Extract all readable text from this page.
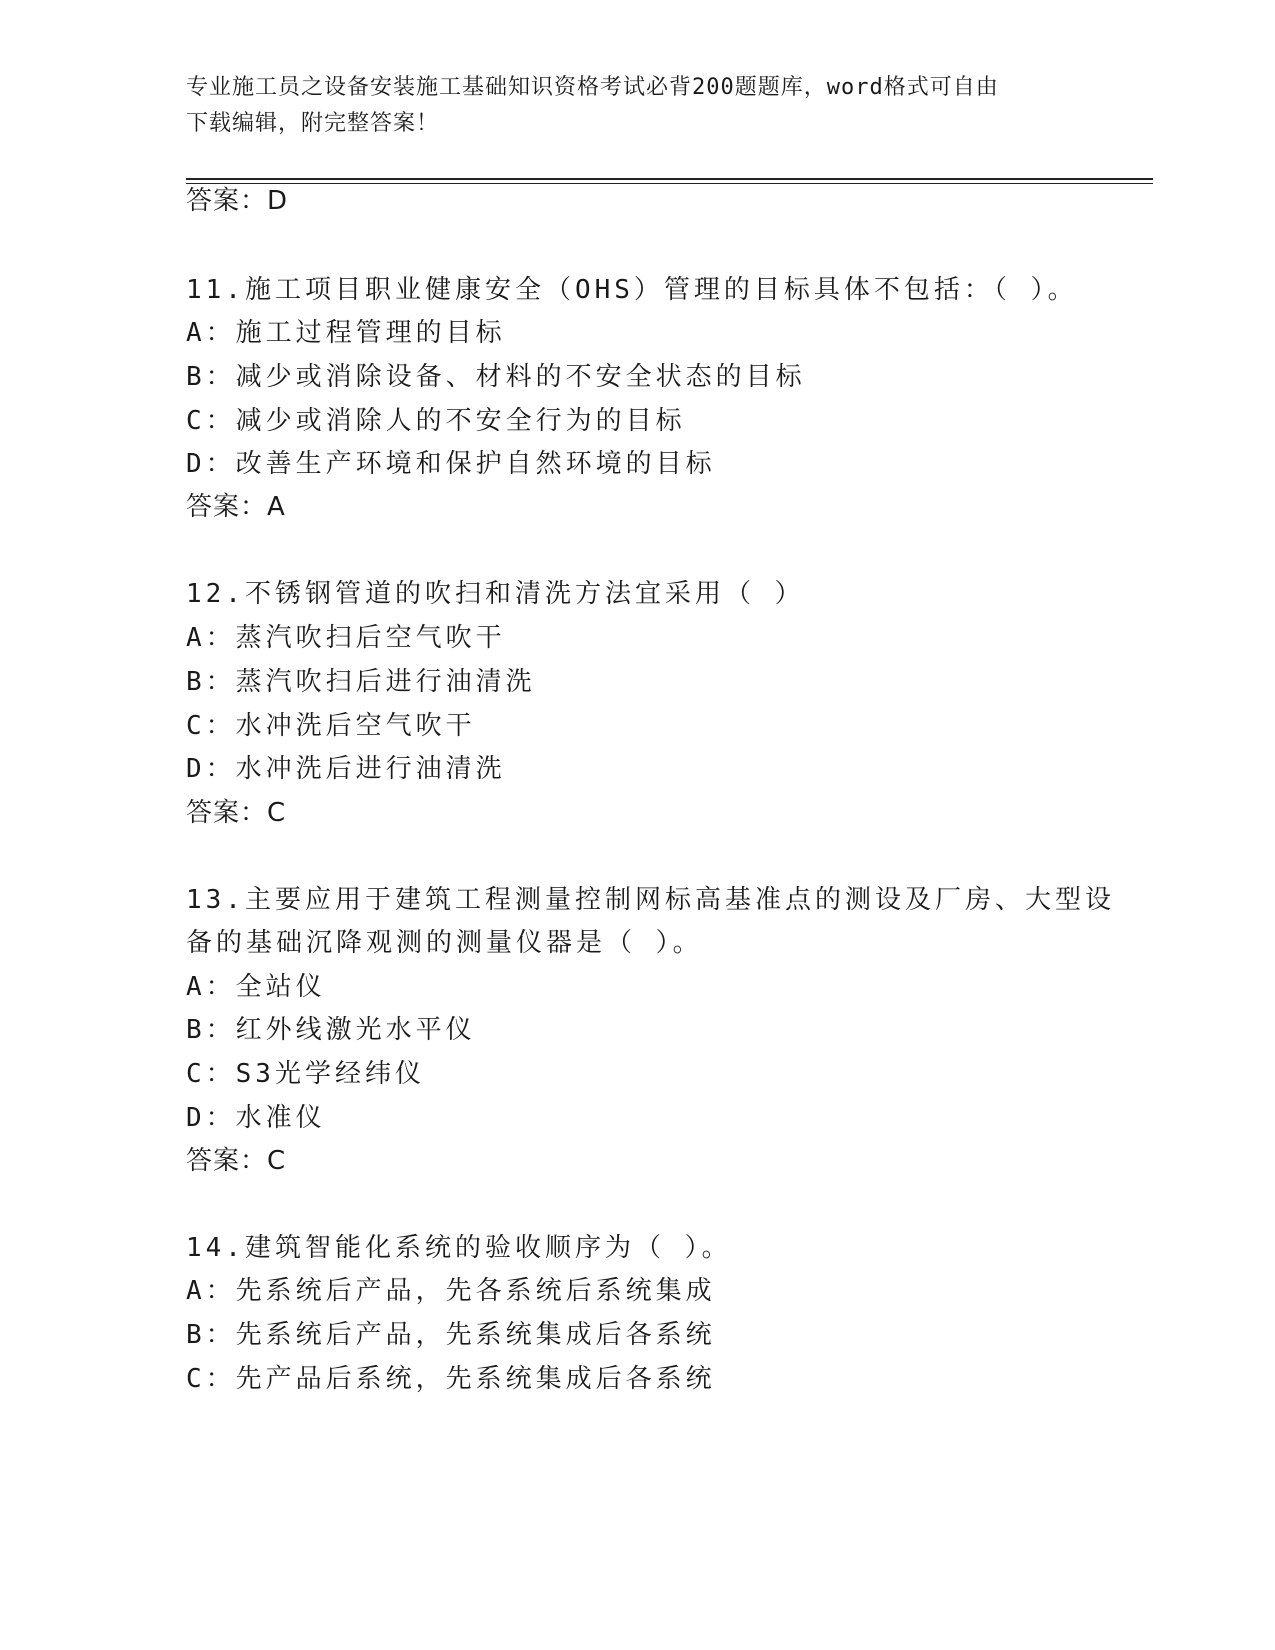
专业施工员之设备安装施工基础知识资格考试必背200题题库，word格式可自由
下载编辑，附完整答案！
答案：D
11.施工项目职业健康安全（OHS）管理的目标具体不包括：（ ）。
A：施工过程管理的目标
B：减少或消除设备、材料的不安全状态的目标
C：减少或消除人的不安全行为的目标
D：改善生产环境和保护自然环境的目标
答案：A
12.不锈钢管道的吹扫和清洗方法宜采用（ ）
A：蒸汽吹扫后空气吹干
B：蒸汽吹扫后进行油清洗
C：水冲洗后空气吹干
D：水冲洗后进行油清洗
答案：C
13.主要应用于建筑工程测量控制网标高基准点的测设及厂房、大型设
备的基础沉降观测的测量仪器是（ ）。
A：全站仪
B：红外线激光水平仪
C：S3光学经纬仪
D：水准仪
答案：C
14.建筑智能化系统的验收顺序为（ ）。
A：先系统后产品，先各系统后系统集成
B：先系统后产品，先系统集成后各系统
C：先产品后系统，先系统集成后各系统
